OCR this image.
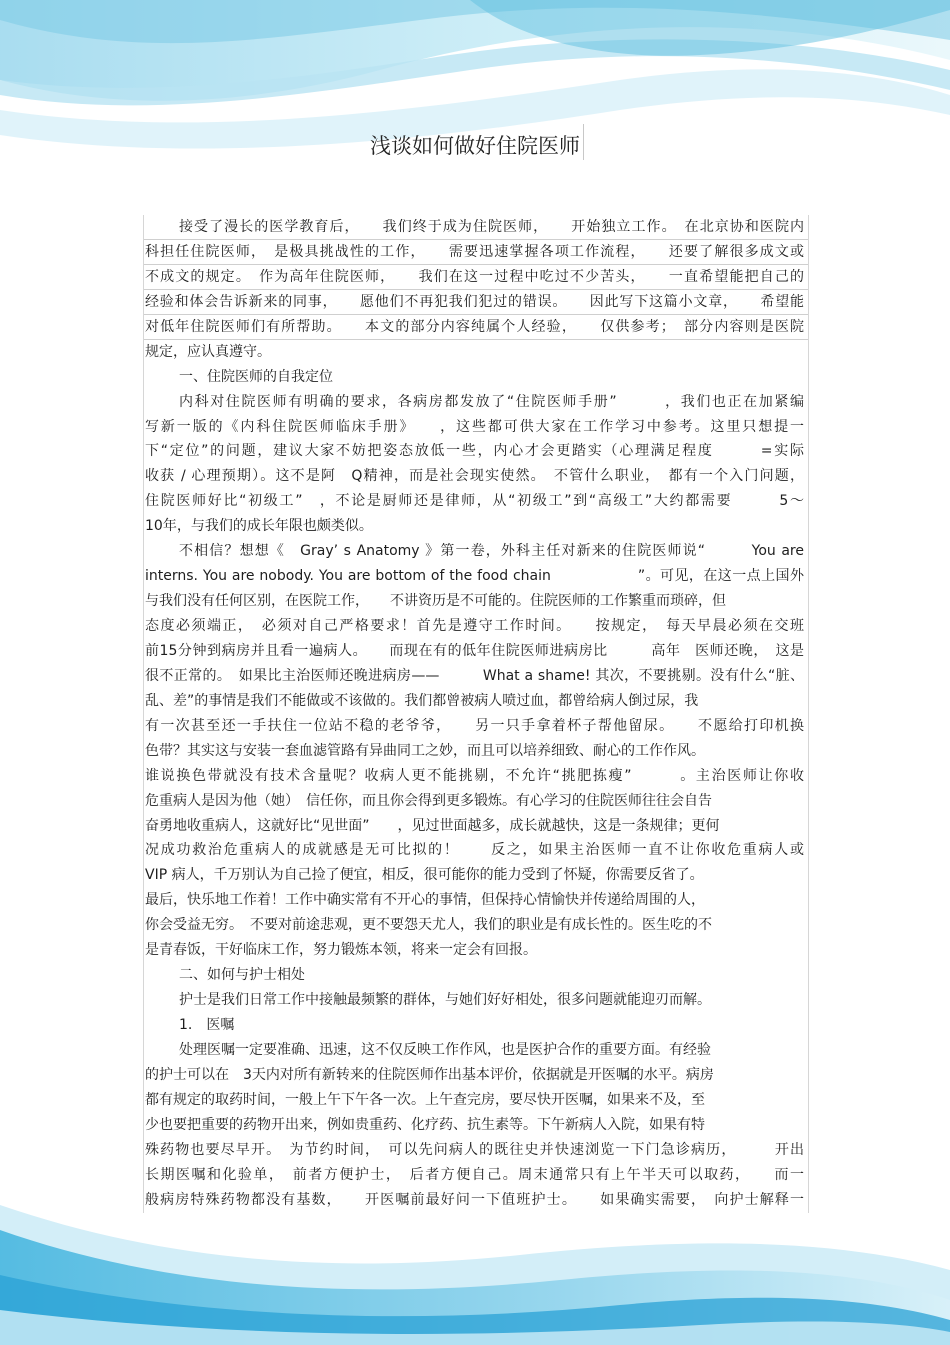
浅谈如何做好住院医师
接受了漫长的医学教育后，　　我们终于成为住院医师，　　开始独立工作。　在北京协和医院内
科担任住院医师，　是极具挑战性的工作，　　需要迅速掌握各项工作流程，　　还要了解很多成文或
不成文的规定。　作为高年住院医师，　　我们在这一过程中吃过不少苦头，　　一直希望能把自己的
经验和体会告诉新来的同事，　　愿他们不再犯我们犯过的错误。　　因此写下这篇小文章，　　希望能
对低年住院医师们有所帮助。　　本文的部分内容纯属个人经验，　　仅供参考；　部分内容则是医院
规定，应认真遵守。
一、住院医师的自我定位
内科对住院医师有明确的要求，各病房都发放了“住院医师手册”　　　，我们也正在加紧编
写新一版的《内科住院医师临床手册》　　，这些都可供大家在工作学习中参考。这里只想提一
下“定位”的问题，建议大家不妨把姿态放低一些，内心才会更踏实（心理满足程度　　　=实际
收获 / 心理预期）。这不是阿　Q精神，而是社会现实使然。　不管什么职业，　都有一个入门问题，
住院医师好比“初级工”　，不论是厨师还是律师，从“初级工”到“高级工”大约都需要　　　5～
10年，与我们的成长年限也颇类似。
不相信？想想《　Gray’ s Anatomy 》第一卷，外科主任对新来的住院医师说“　　　You are
interns. You are nobody. You are bottom of the food chain　　　　　　”。可见，在这一点上国外
与我们没有任何区别，在医院工作，　　不讲资历是不可能的。住院医师的工作繁重而琐碎，但
态度必须端正，　必须对自己严格要求！首先是遵守工作时间。　　按规定，　每天早晨必须在交班
前15分钟到病房并且看一遍病人。　　而现在有的低年住院医师进病房比　　　高年　医师还晚，　这是
很不正常的。　如果比主治医师还晚进病房——　　　What a shame! 其次，不要挑剔。没有什么“脏、
乱、差”的事情是我们不能做或不该做的。我们都曾被病人喷过血，都曾给病人倒过尿，我
有一次甚至还一手扶住一位站不稳的老爷爷，　　另一只手拿着杯子帮他留尿。　　不愿给打印机换
色带？其实这与安装一套血滤管路有异曲同工之妙，而且可以培养细致、耐心的工作作风。
谁说换色带就没有技术含量呢？收病人更不能挑剔，不允许“挑肥拣瘦”　　　。主治医师让你收
危重病人是因为他（她）　信任你，而且你会得到更多锻炼。有心学习的住院医师往往会自告
奋勇地收重病人，这就好比“见世面”　　，见过世面越多，成长就越快，这是一条规律；更何
况成功救治危重病人的成就感是无可比拟的！　　反之，如果主治医师一直不让你收危重病人或
VIP 病人，千万别认为自己捡了便宜，相反，很可能你的能力受到了怀疑，你需要反省了。
最后，快乐地工作着！工作中确实常有不开心的事情，但保持心情愉快并传递给周围的人，
你会受益无穷。　不要对前途悲观，更不要怨天尤人，我们的职业是有成长性的。医生吃的不
是青春饭，干好临床工作，努力锻炼本领，将来一定会有回报。
二、如何与护士相处
护士是我们日常工作中接触最频繁的群体，与她们好好相处，很多问题就能迎刃而解。
1.　医嘱
处理医嘱一定要准确、迅速，这不仅反映工作作风，也是医护合作的重要方面。有经验
的护士可以在　3天内对所有新转来的住院医师作出基本评价，依据就是开医嘱的水平。病房
都有规定的取药时间，一般上午下午各一次。上午查完房，要尽快开医嘱，如果来不及，至
少也要把重要的药物开出来，例如贵重药、化疗药、抗生素等。下午新病人入院，如果有特
殊药物也要尽早开。　为节约时间，　可以先问病人的既往史并快速浏览一下门急诊病历，　　　开出
长期医嘱和化验单，　前者方便护士，　后者方便自己。周末通常只有上午半天可以取药，　　而一
般病房特殊药物都没有基数，　　开医嘱前最好问一下值班护士。　　如果确实需要，　向护士解释一
